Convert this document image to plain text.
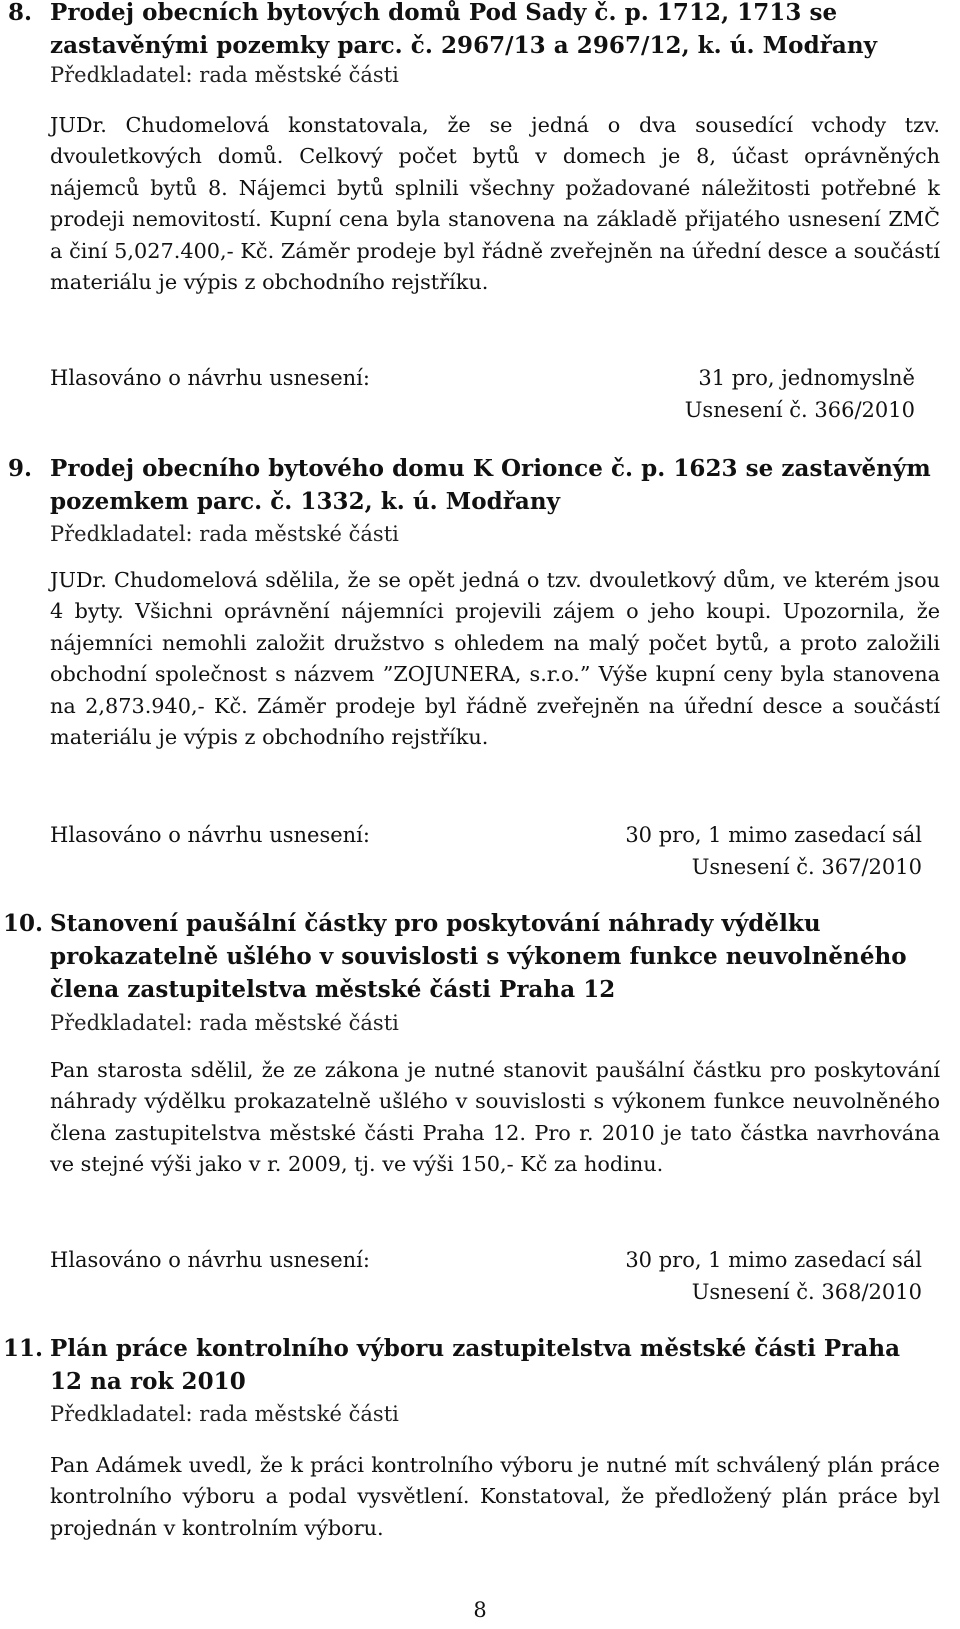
8. Prodej obecních bytových domů Pod Sady č. p. 1712, 1713 se zastavěnými pozemky parc. č. 2967/13 a 2967/12, k. ú. Modřany
Předkladatel: rada městské části
JUDr. Chudomelová konstatovala, že se jedná o dva sousedící vchody tzv. dvouletkových domů. Celkový počet bytů v domech je 8, účast oprávněných nájemců bytů 8. Nájemci bytů splnili všechny požadované náležitosti potřebné k prodeji nemovitostí. Kupní cena byla stanovena na základě přijatého usnesení ZMČ a činí 5,027.400,- Kč. Záměr prodeje byl řádně zveřejněn na úřední desce a součástí materiálu je výpis z obchodního rejstříku.
Hlasováno o návrhu usnesení:	31 pro, jednomyslně
Usnesení č. 366/2010
9. Prodej obecního bytového domu K Orionce č. p. 1623 se zastavěným pozemkem parc. č. 1332, k. ú. Modřany
Předkladatel: rada městské části
JUDr. Chudomelová sdělila, že se opět jedná o tzv. dvouletkový dům, ve kterém jsou 4 byty. Všichni oprávnění nájemníci projevili zájem o jeho koupi. Upozornila, že nájemníci nemohli založit družstvo s ohledem na malý počet bytů, a proto založili obchodní společnost s názvem ”ZOJUNERA, s.r.o.” Výše kupní ceny byla stanovena na 2,873.940,- Kč. Záměr prodeje byl řádně zveřejněn na úřední desce a součástí materiálu je výpis z obchodního rejstříku.
Hlasováno o návrhu usnesení:	30 pro, 1 mimo zasedací sál
Usnesení č. 367/2010
10. Stanovení paušální částky pro poskytování náhrady výdělku prokazatelně ušlého v souvislosti s výkonem funkce neuvolněného člena zastupitelstva městské části Praha 12
Předkladatel: rada městské části
Pan starosta sdělil, že ze zákona je nutné stanovit paušální částku pro poskytování náhrady výdělku prokazatelně ušlého v souvislosti s výkonem funkce neuvolněného člena zastupitelstva městské části Praha 12. Pro r. 2010 je tato částka navrhována ve stejné výši jako v r. 2009, tj. ve výši 150,- Kč za hodinu.
Hlasováno o návrhu usnesení:	30 pro, 1 mimo zasedací sál
Usnesení č. 368/2010
11. Plán práce kontrolního výboru zastupitelstva městské části Praha 12 na rok 2010
Předkladatel: rada městské části
Pan Adámek uvedl, že k práci kontrolního výboru je nutné mít schválený plán práce kontrolního výboru a podal vysvětlení. Konstatoval, že předložený plán práce byl projednán v kontrolním výboru.
8
